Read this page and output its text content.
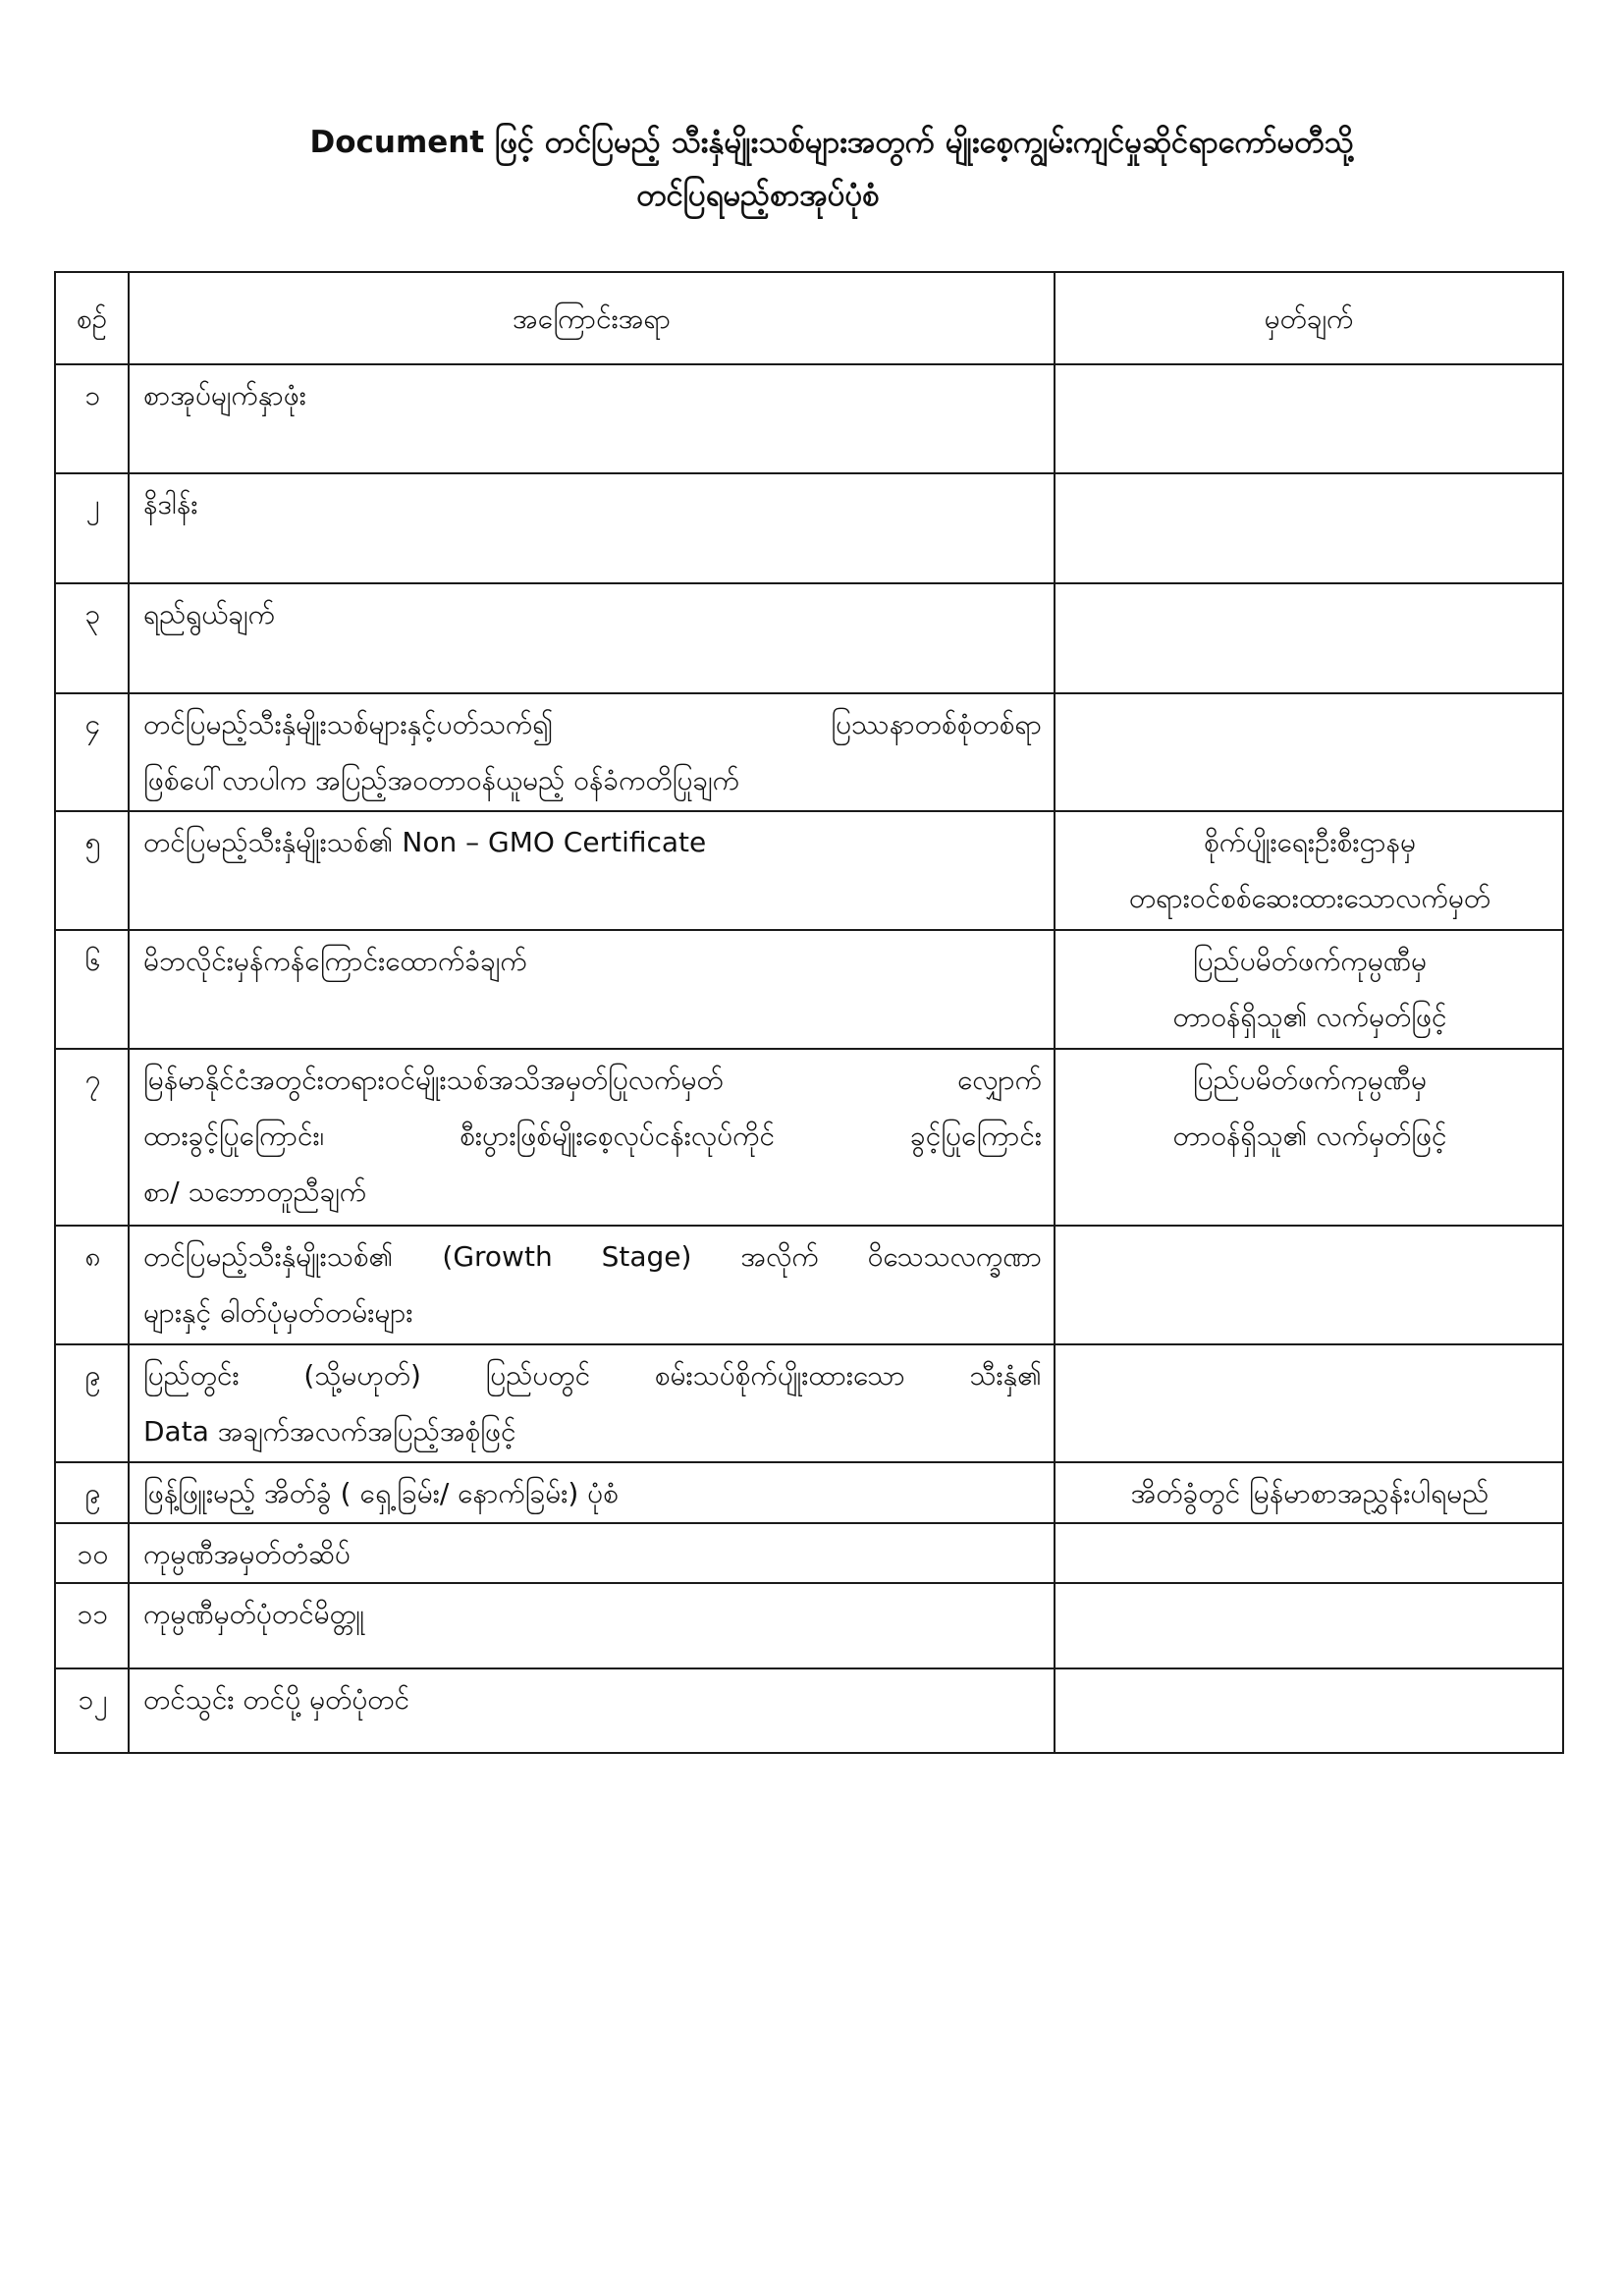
Document ဖြင့် တင်ပြမည့် သီးနှံမျိုးသစ်များအတွက် မျိုးစေ့ကျွမ်းကျင်မှုဆိုင်ရာကော်မတီသို့
တင်ပြရမည့်စာအုပ်ပုံစံ
စဉ်	အကြောင်းအရာ	မှတ်ချက်
၁	စာအုပ်မျက်နှာဖုံး	

၂	နိဒါန်း	

၃	ရည်ရွယ်ချက်	

၄	တင်ပြမည့်သီးနှံမျိုးသစ်များနှင့်ပတ်သက်၍ ပြဿနာတစ်စုံတစ်ရာ
ဖြစ်ပေါ်လာပါက အပြည့်အဝတာဝန်ယူမည့် ဝန်ခံကတိပြုချက်	

၅	တင်ပြမည့်သီးနှံမျိုးသစ်၏ Non – GMO Certificate	စိုက်ပျိုးရေးဦးစီးဌာနမှ
တရားဝင်စစ်ဆေးထားသောလက်မှတ်

၆	မိဘလိုင်းမှန်ကန်ကြောင်းထောက်ခံချက်	ပြည်ပမိတ်ဖက်ကုမ္ပဏီမှ
တာဝန်ရှိသူ၏ လက်မှတ်ဖြင့်

၇	မြန်မာနိုင်ငံအတွင်းတရားဝင်မျိုးသစ်အသိအမှတ်ပြုလက်မှတ် လျှောက်
ထားခွင့်ပြုကြောင်း၊ စီးပွားဖြစ်မျိုးစေ့လုပ်ငန်းလုပ်ကိုင် ခွင့်ပြုကြောင်း
စာ/ သဘောတူညီချက်	ပြည်ပမိတ်ဖက်ကုမ္ပဏီမှ
တာဝန်ရှိသူ၏ လက်မှတ်ဖြင့်

၈	တင်ပြမည့်သီးနှံမျိုးသစ်၏ (Growth Stage) အလိုက် ဝိသေသလက္ခဏာ
များနှင့် ဓါတ်ပုံမှတ်တမ်းများ	

၉	ပြည်တွင်း (သို့မဟုတ်) ပြည်ပတွင် စမ်းသပ်စိုက်ပျိုးထားသော သီးနှံ၏
Data အချက်အလက်အပြည့်အစုံဖြင့်	

၉	ဖြန့်ဖြူးမည့် အိတ်ခွံ ( ရှေ့ခြမ်း/ နောက်ခြမ်း) ပုံစံ	အိတ်ခွံတွင် မြန်မာစာအညွှန်းပါရမည်

၁၀	ကုမ္ပဏီအမှတ်တံဆိပ်	

၁၁	ကုမ္ပဏီမှတ်ပုံတင်မိတ္တူ	

၁၂	တင်သွင်း တင်ပို့ မှတ်ပုံတင်	
